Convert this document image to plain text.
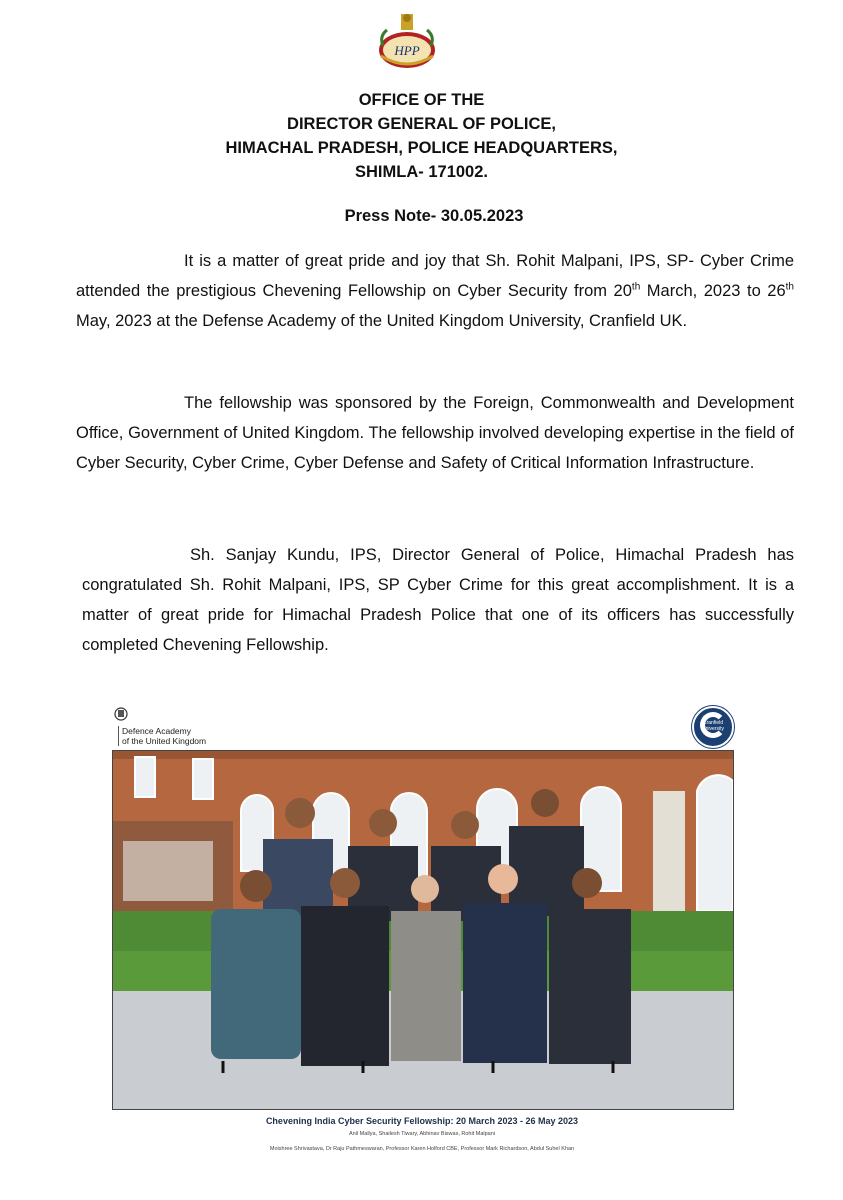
HPP
OFFICE OF THE
DIRECTOR GENERAL OF POLICE,
HIMACHAL PRADESH, POLICE HEADQUARTERS,
SHIMLA- 171002.
Press Note- 30.05.2023

It is a matter of great pride and joy that Sh. Rohit Malpani, IPS, SP- Cyber Crime attended the prestigious Chevening Fellowship on Cyber Security from 20th March, 2023 to 26th May, 2023 at the Defense Academy of the United Kingdom University, Cranfield UK.

The fellowship was sponsored by the Foreign, Commonwealth and Development Office, Government of United Kingdom. The fellowship involved developing expertise in the field of Cyber Security, Cyber Crime, Cyber Defense and Safety of Critical Information Infrastructure.

Sh. Sanjay Kundu, IPS, Director General of Police, Himachal Pradesh has congratulated Sh. Rohit Malpani, IPS, SP Cyber Crime for this great accomplishment. It is a matter of great pride for Himachal Pradesh Police that one of its officers has successfully completed Chevening Fellowship.

Defence Academy
of the United Kingdom
Cranfield University

Chevening India Cyber Security Fellowship: 20 March 2023 - 26 May 2023

Anil Mallya, Shailesh Tiwary, Abhinav Biswas, Rohit Malpani

Moishree Shrivastava, Dr Raju Pathmeswaran, Professor Karen Holford CBE, Professor Mark Richardson, Abdul Suhel Khan
